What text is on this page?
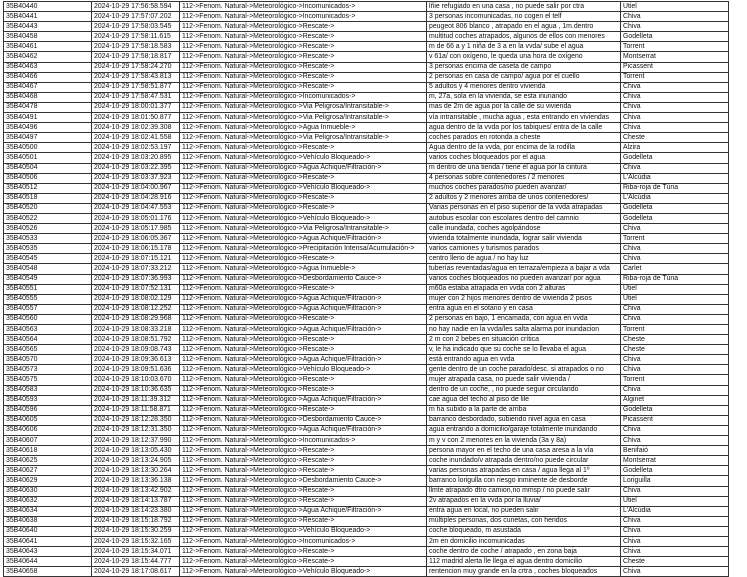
35B40440	2024-10-29 17:56:58.594	112->Fenom. Natural->Meteorológico->Incomunicados->	lñie refugiado en una casa , no puede salir por ctra	Utiel
35B40441	2024-10-29 17:57:07.202	112->Fenom. Natural->Meteorológico->Incomunicados->	3 personas incomunicadas, no cogen el telf	Chiva
35B40443	2024-10-29 17:58:03.545	112->Fenom. Natural->Meteorológico->Rescate->	peugeot 806 blanco , atrapado en el agua , 1m.dentro	Chiva
35B40458	2024-10-29 17:58:11.615	112->Fenom. Natural->Meteorológico->Rescate->	multitud coches atrapados, algunos de ellos con menores	Godelleta
35B40461	2024-10-29 17:58:18.583	112->Fenom. Natural->Meteorológico->Rescate->	m de 66 a y 1 niña de 3 a en la vvda/ sube el agua	Torrent
35B40462	2024-10-29 17:58:18.817	112->Fenom. Natural->Meteorológico->Rescate->	v 61a/ con oxígeno, le queda una hora de oxígeno	Montserrat
35B40463	2024-10-29 17:58:24.270	112->Fenom. Natural->Meteorológico->Rescate->	3 personas encima de caseta de campo	Picassent
35B40466	2024-10-29 17:58:43.813	112->Fenom. Natural->Meteorológico->Rescate->	2 personas en casa de campo/ agua por el cuello	Torrent
35B40467	2024-10-29 17:58:51.877	112->Fenom. Natural->Meteorológico->Rescate->	5 adultos y 4 menores dentro vivienda	Chiva
35B40468	2024-10-29 17:58:47.531	112->Fenom. Natural->Meteorológico->Incomunicados->	m, 27a, sola en la vivienda, se esta inunando	Chiva
35B40478	2024-10-29 18:00:01.377	112->Fenom. Natural->Meteorológico->Via Peligrosa/Intransitable->	mas de 2m de agua por la calle de su vivienda	Chiva
35B40491	2024-10-29 18:01:50.877	112->Fenom. Natural->Meteorológico->Via Peligrosa/Intransitable->	vía intransitable , mucha agua , esta entrando en viviendas	Chiva
35B40496	2024-10-29 18:02:39.308	112->Fenom. Natural->Meteorológico->Agua Inmueble->	agua dentro de la vvda por los tabiques/ entra de la calle	Chiva
35B40497	2024-10-29 18:02:41.558	112->Fenom. Natural->Meteorológico->Via Peligrosa/Intransitable->	coches parados en rotonda a cheste	Cheste
35B40500	2024-10-29 18:02:53.197	112->Fenom. Natural->Meteorológico->Rescate->	Agua dentro de la vvda, por encima de la rodilla	Alzira
35B40501	2024-10-29 18:03:20.895	112->Fenom. Natural->Meteorológico->Vehículo Bloqueado->	varios coches bloqueados por el agua	Godelleta
35B40504	2024-10-29 18:03:22.395	112->Fenom. Natural->Meteorológico->Agua Achique/Filtración->	m dentro de una tienda / tiene el agua por la cintura	Chiva
35B40506	2024-10-29 18:03:37.923	112->Fenom. Natural->Meteorológico->Rescate->	4 personas sobre contenedores / 2 menores	L'Alcúdia
35B40512	2024-10-29 18:04:00.967	112->Fenom. Natural->Meteorológico->Vehículo Bloqueado->	muchos coches parados/no pueden avanzar/	Riba-roja de Túria
35B40518	2024-10-29 18:04:28.916	112->Fenom. Natural->Meteorológico->Rescate->	2 adultos y 2 menores arriba de unos contenedores/	L'Alcúdia
35B40520	2024-10-29 18:04:47.553	112->Fenom. Natural->Meteorológico->Rescate->	Varias personas en el piso superior de la vvda atrapadas	Godelleta
35B40522	2024-10-29 18:05:01.176	112->Fenom. Natural->Meteorológico->Vehículo Bloqueado->	autobus escolar con escolares dentro del camnio	Godelleta
35B40526	2024-10-29 18:05:17.985	112->Fenom. Natural->Meteorológico->Via Peligrosa/Intransitable->	calle inundada, coches agolpándose	Chiva
35B40533	2024-10-29 18:06:05.367	112->Fenom. Natural->Meteorológico->Agua Achique/Filtración->	vivienda totalmente inundada, lograr salir vivienda	Torrent
35B40535	2024-10-29 18:06:15.178	112->Fenom. Natural->Meteorológico->Precipitación Intensa/Acumulación->	varios camiones y turismos parados	Chiva
35B40545	2024-10-29 18:07:15.121	112->Fenom. Natural->Meteorológico->Rescate->	centro lleno de agua / no hay luz	Chiva
35B40548	2024-10-29 18:07:33.212	112->Fenom. Natural->Meteorológico->Agua Inmueble->	tuberías reventadas/agua en terraza/empieza a bajar a vda	Carlet
35B40549	2024-10-29 18:07:36.993	112->Fenom. Natural->Meteorológico->Desbordamiento Cauce->	varios coches bloqueados no pueden avanzar/ por agua	Riba-roja de Túria
35B40551	2024-10-29 18:07:52.131	112->Fenom. Natural->Meteorológico->Rescate->	m60a estaba atrapada en vvda con 2 alturas	Utiel
35B40555	2024-10-29 18:08:02.129	112->Fenom. Natural->Meteorológico->Agua Achique/Filtración->	mujer con 2 hijos menores dentro de vivienda 2 pisos	Utiel
35B40557	2024-10-29 18:08:12.252	112->Fenom. Natural->Meteorológico->Agua Achique/Filtración->	entra agua en el sotano y en casa	Chiva
35B40560	2024-10-29 18:08:29.968	112->Fenom. Natural->Meteorológico->Rescate->	2 personas en bajo, 1 encamada, con agua en vvda	Chiva
35B40563	2024-10-29 18:08:33.218	112->Fenom. Natural->Meteorológico->Agua Achique/Filtración->	no hay nadie en la vvda/les salta alarma por inundacion	Torrent
35B40564	2024-10-29 18:08:51.792	112->Fenom. Natural->Meteorológico->Rescate->	2 m con 2 bebes en situación crítica	Cheste
35B40565	2024-10-29 18:09:08.743	112->Fenom. Natural->Meteorológico->Rescate->	v, le ha indicado que su coche se lo llevaba el agua	Cheste
35B40570	2024-10-29 18:09:36.613	112->Fenom. Natural->Meteorológico->Agua Achique/Filtración->	está entrando agua en vvda	Chiva
35B40573	2024-10-29 18:09:51.636	112->Fenom. Natural->Meteorológico->Vehículo Bloqueado->	gente dentro de un coche parado/desc. si atrapados o no	Chiva
35B40575	2024-10-29 18:10:03.670	112->Fenom. Natural->Meteorológico->Rescate->	mujer atrapada casa, no puede salir vivienda /	Torrent
35B40583	2024-10-29 18:10:36.635	112->Fenom. Natural->Meteorológico->Rescate->	dentro de un coche, , no puede seguir circulando	Chiva
35B40593	2024-10-29 18:11:39.312	112->Fenom. Natural->Meteorológico->Agua Achique/Filtración->	cae agua del techo al piso de lile	Alginet
35B40596	2024-10-29 18:11:58.871	112->Fenom. Natural->Meteorológico->Rescate->	m ha subido a la parte de arriba	Godelleta
35B40605	2024-10-29 18:12:28.350	112->Fenom. Natural->Meteorológico->Desbordamiento Cauce->	barranco desbordado, subiendo nivel agua en casa	Picassent
35B40606	2024-10-29 18:12:31.350	112->Fenom. Natural->Meteorológico->Agua Achique/Filtración->	agua entrando a domicilio/garaje totalmente inundando	Chiva
35B40607	2024-10-29 18:12:37.990	112->Fenom. Natural->Meteorológico->Incomunicados->	m y v con 2 menores en la vivienda (3a y 8a)	Chiva
35B40618	2024-10-29 18:13:05.430	112->Fenom. Natural->Meteorológico->Rescate->	persona mayor en el techo de una casa aresa a la vía	Benifaió
35B40625	2024-10-29 18:13:24.905	112->Fenom. Natural->Meteorológico->Rescate->	coche inundado/v atrapada dentro/no puede circular	Montserrat
35B40627	2024-10-29 18:13:30.264	112->Fenom. Natural->Meteorológico->Rescate->	varias personas atrapadas en casa / agua llega al 1º	Godelleta
35B40629	2024-10-29 18:13:36.138	112->Fenom. Natural->Meteorológico->Desbordamiento Cauce->	barranco lorigulla con riesgo inminente de desborde	Loriguilla
35B40630	2024-10-29 18:13:42.902	112->Fenom. Natural->Meteorológico->Rescate->	llmte atrapado dtro camion,no mmsp / no puede salir	Chiva
35B40632	2024-10-29 18:14:13.787	112->Fenom. Natural->Meteorológico->Rescate->	2v atrapados en la vvda por la lluvia/	Utiel
35B40634	2024-10-29 18:14:23.380	112->Fenom. Natural->Meteorológico->Agua Achique/Filtración->	entra agua en local, no pueden salir	L'Alcúdia
35B40638	2024-10-29 18:15:18.792	112->Fenom. Natural->Meteorológico->Rescate->	múltiples personas, dos cunetas, con heridos	Chiva
35B40640	2024-10-29 18:15:30.259	112->Fenom. Natural->Meteorológico->Vehículo Bloqueado->	coche bloqueado, m asustada	Chiva
35B40641	2024-10-29 18:15:32.165	112->Fenom. Natural->Meteorológico->Incomunicados->	2m en domicilio incomunicadas	Chiva
35B40643	2024-10-29 18:15:34.071	112->Fenom. Natural->Meteorológico->Rescate->	coche dentro de coche / atrapado , en zona baja	Chiva
35B40644	2024-10-29 18:15:44.777	112->Fenom. Natural->Meteorológico->Rescate->	112 madrid alerta lle llega el agua dentro domicilio	Cheste
35B40658	2024-10-29 18:17:08.617	112->Fenom. Natural->Meteorológico->Vehículo Bloqueado->	rentencion muy grande en la crtra , coches bloqueados	Chiva
